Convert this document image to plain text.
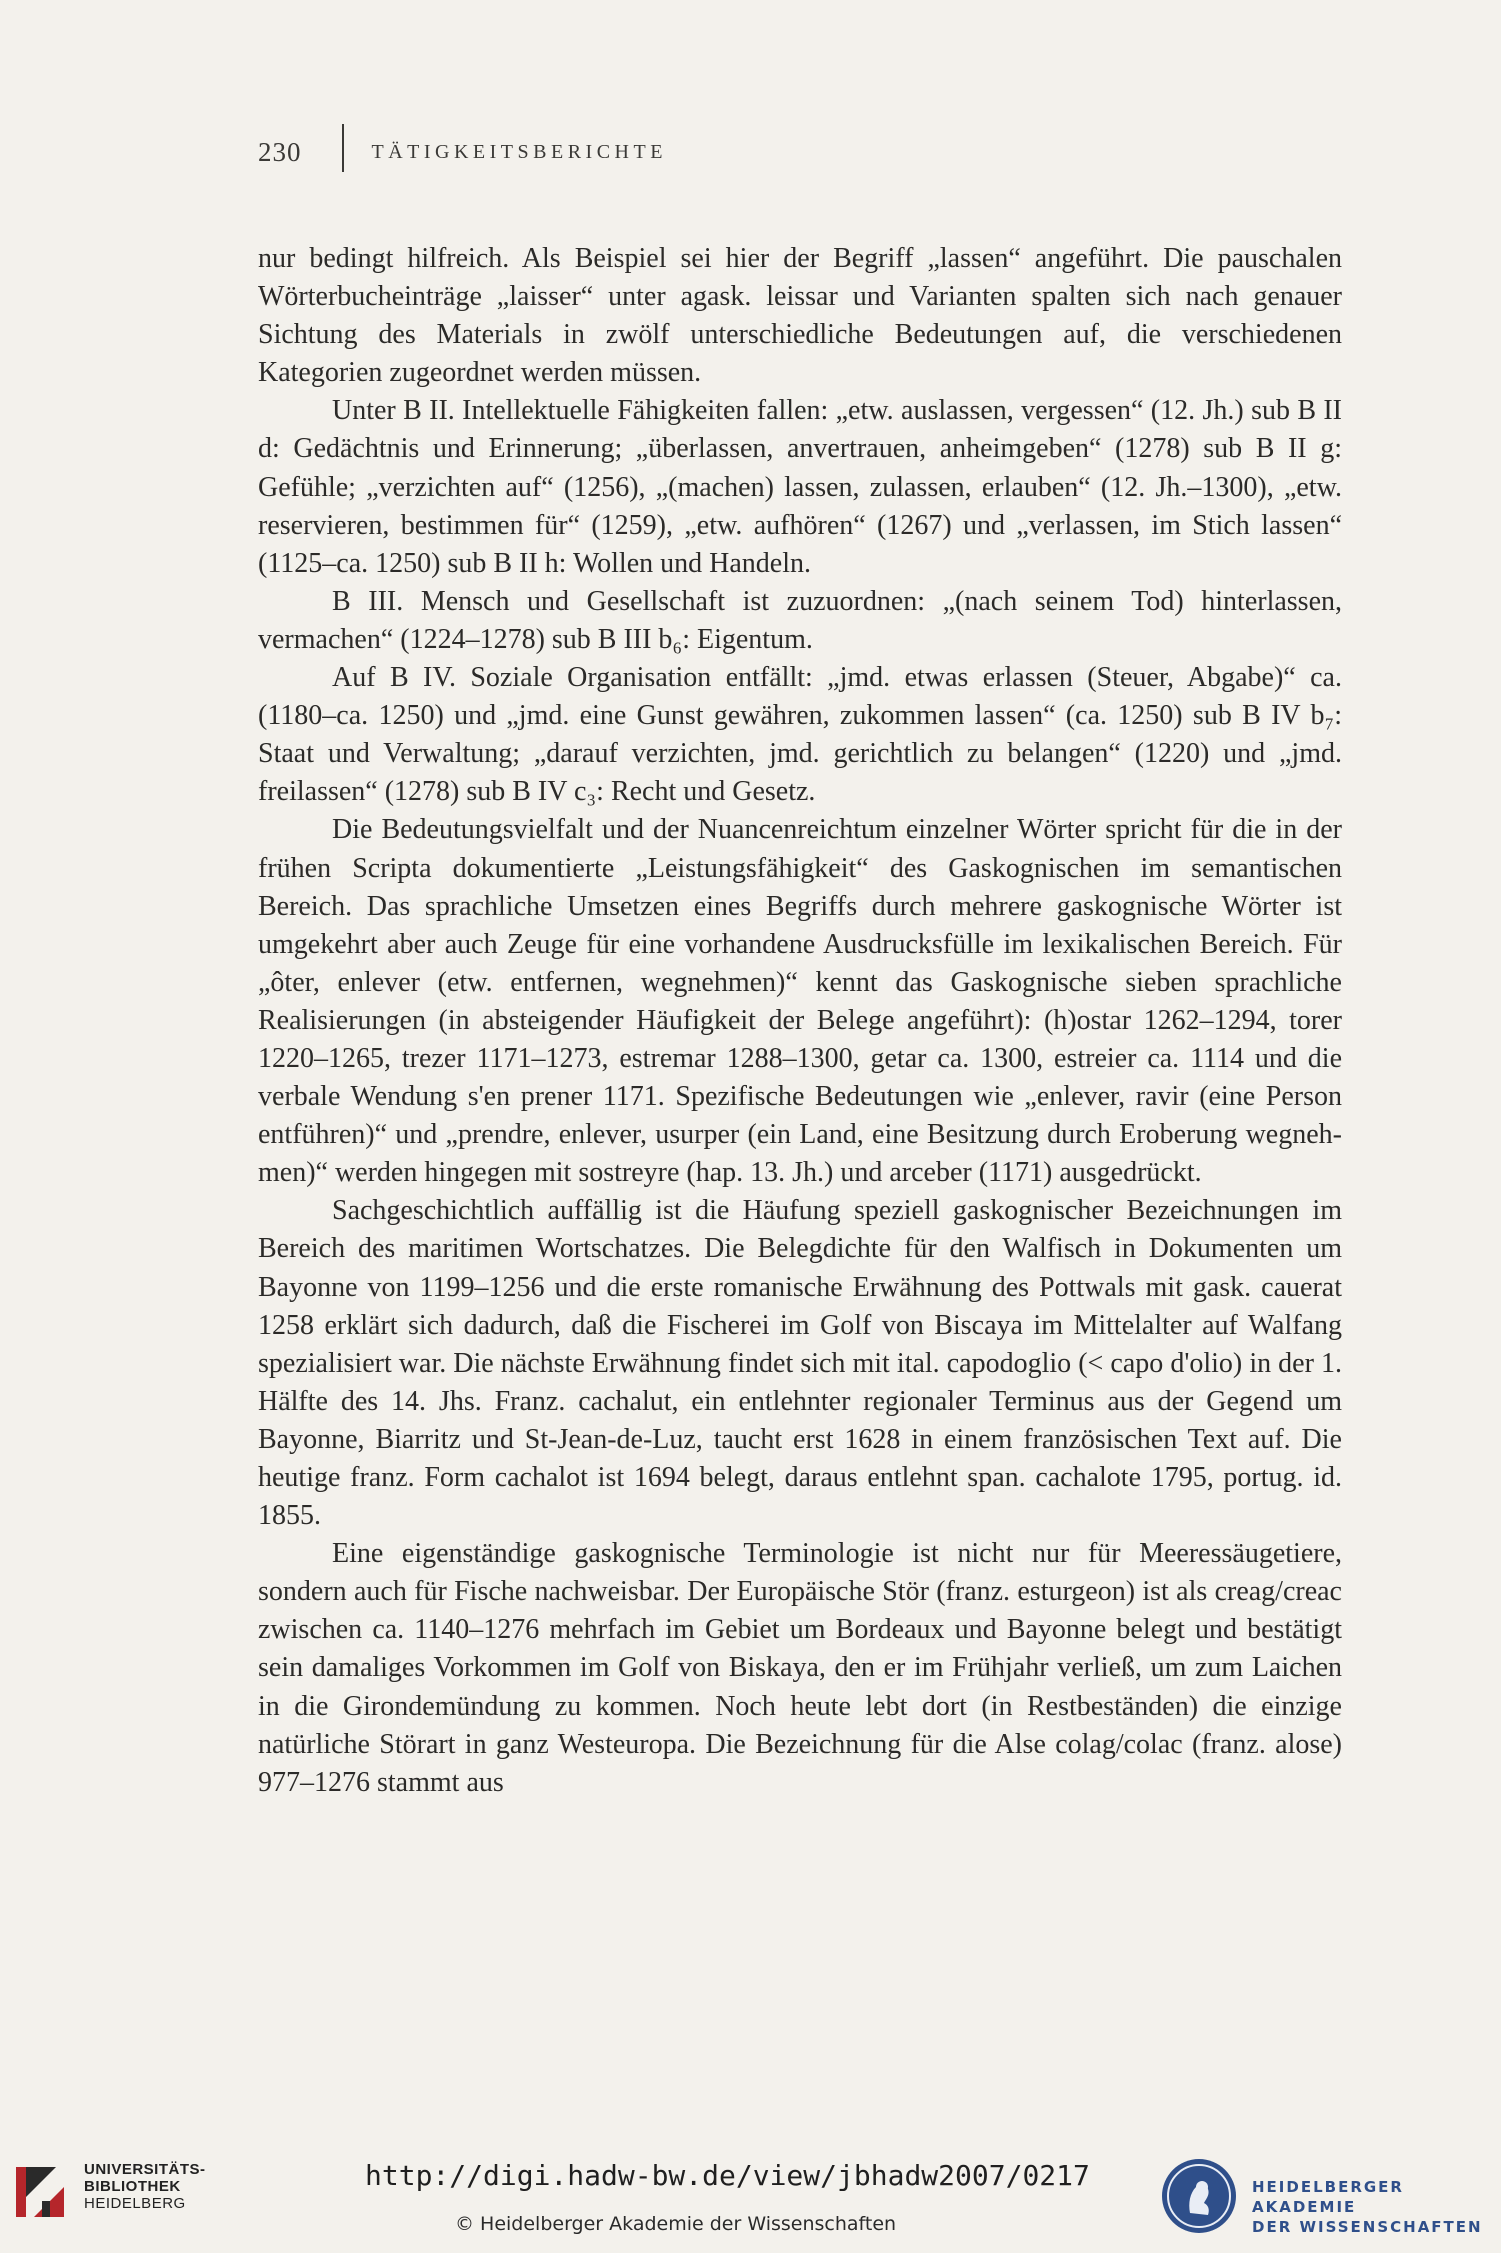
230	TÄTIGKEITSBERICHTE

nur bedingt hilfreich. Als Beispiel sei hier der Begriff „lassen“ angeführt. Die pauschalen Wörterbucheinträge „laisser“ unter agask. leissar und Varianten spalten sich nach genauer Sichtung des Materials in zwölf unterschiedliche Bedeutungen auf, die verschiedenen Kategorien zugeordnet werden müssen.

Unter B II. Intellektuelle Fähigkeiten fallen: „etw. auslassen, vergessen“ (12. Jh.) sub B II d: Gedächtnis und Erinnerung; „überlassen, anvertrauen, anheimgeben“ (1278) sub B II g: Gefühle; „verzichten auf“ (1256), „(machen) lassen, zulassen, erlauben“ (12. Jh.–1300), „etw. reservieren, bestimmen für“ (1259), „etw. aufhören“ (1267) und „verlassen, im Stich lassen“ (1125–ca. 1250) sub B II h: Wollen und Handeln.

B III. Mensch und Gesellschaft ist zuzuordnen: „(nach seinem Tod) hinterlassen, vermachen“ (1224–1278) sub B III b₆: Eigentum.

Auf B IV. Soziale Organisation entfällt: „jmd. etwas erlassen (Steuer, Abgabe)“ ca. (1180–ca. 1250) und „jmd. eine Gunst gewähren, zukommen lassen“ (ca. 1250) sub B IV b₇: Staat und Verwaltung; „darauf verzichten, jmd. gerichtlich zu belangen“ (1220) und „jmd. freilassen“ (1278) sub B IV c₃: Recht und Gesetz.

Die Bedeutungsvielfalt und der Nuancenreichtum einzelner Wörter spricht für die in der frühen Scripta dokumentierte „Leistungsfähigkeit“ des Gaskognischen im semantischen Bereich. Das sprachliche Umsetzen eines Begriffs durch mehrere gaskognische Wörter ist umgekehrt aber auch Zeuge für eine vorhandene Ausdrucksfülle im lexikalischen Bereich. Für „ôter, enlever (etw. entfernen, wegnehmen)“ kennt das Gaskognische sieben sprachliche Realisierungen (in absteigender Häufigkeit der Belege angeführt): (h)ostar 1262–1294, torer 1220–1265, trezer 1171–1273, estremar 1288–1300, getar ca. 1300, estreier ca. 1114 und die verbale Wendung s'en prener 1171. Spezifische Bedeutungen wie „enlever, ravir (eine Person entführen)“ und „prendre, enlever, usurper (ein Land, eine Besitzung durch Eroberung wegnehmen)“ werden hingegen mit sostreyre (hap. 13. Jh.) und arceber (1171) ausgedrückt.

Sachgeschichtlich auffällig ist die Häufung speziell gaskognischer Bezeichnungen im Bereich des maritimen Wortschatzes. Die Belegdichte für den Walfisch in Dokumenten um Bayonne von 1199–1256 und die erste romanische Erwähnung des Pottwals mit gask. cauerat 1258 erklärt sich dadurch, daß die Fischerei im Golf von Biscaya im Mittelalter auf Walfang spezialisiert war. Die nächste Erwähnung findet sich mit ital. capodoglio (< capo d'olio) in der 1. Hälfte des 14. Jhs. Franz. cachalut, ein entlehnter regionaler Terminus aus der Gegend um Bayonne, Biarritz und St-Jean-de-Luz, taucht erst 1628 in einem französischen Text auf. Die heutige franz. Form cachalot ist 1694 belegt, daraus entlehnt span. cachalote 1795, portug. id. 1855.

Eine eigenständige gaskognische Terminologie ist nicht nur für Meeressäugetiere, sondern auch für Fische nachweisbar. Der Europäische Stör (franz. esturgeon) ist als creag/creac zwischen ca. 1140–1276 mehrfach im Gebiet um Bordeaux und Bayonne belegt und bestätigt sein damaliges Vorkommen im Golf von Biskaya, den er im Frühjahr verließ, um zum Laichen in die Girondemündung zu kommen. Noch heute lebt dort (in Restbeständen) die einzige natürliche Störart in ganz Westeuropa. Die Bezeichnung für die Alse colag/colac (franz. alose) 977–1276 stammt aus

UNIVERSITÄTS-
BIBLIOTHEK
HEIDELBERG
http://digi.hadw-bw.de/view/jbhadw2007/0217
© Heidelberger Akademie der Wissenschaften
HEIDELBERGER AKADEMIE
DER WISSENSCHAFTEN
